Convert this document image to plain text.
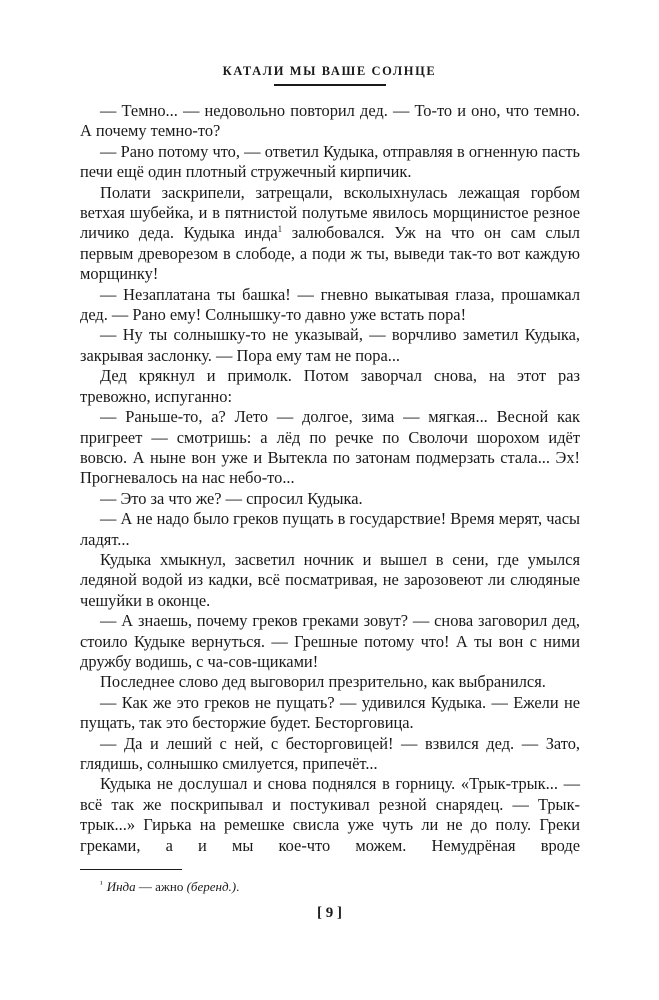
КАТАЛИ МЫ ВАШЕ СОЛНЦЕ

— Темно... — недовольно повторил дед. — То-то и оно, что темно. А почему темно-то?

— Рано потому что, — ответил Кудыка, отправляя в огненную пасть печи ещё один плотный стружечный кирпичик.

Полати заскрипели, затрещали, всколыхнулась лежащая горбом ветхая шубейка, и в пятнистой полутьме явилось морщинистое резное личико деда. Кудыка инда$^1$ залюбовался. Уж на что он сам слыл первым древорезом в слободе, а поди ж ты, выведи так-то вот каждую морщинку!

— Незаплатана ты башка! — гневно выкатывая глаза, прошамкал дед. — Рано ему! Солнышку-то давно уже встать пора!

— Ну ты солнышку-то не указывай, — ворчливо заметил Кудыка, закрывая заслонку. — Пора ему там не пора...

Дед крякнул и примолк. Потом заворчал снова, на этот раз тревожно, испуганно:

— Раньше-то, а? Лето — долгое, зима — мягкая... Весной как пригреет — смотришь: а лёд по речке по Сволочи шорохом идёт вовсю. А ныне вон уже и Вытекла по затонам подмерзать стала... Эх! Прогневалось на нас небо-то...

— Это за что же? — спросил Кудыка.

— А не надо было греков пущать в государствие! Время мерят, часы ладят...

Кудыка хмыкнул, засветил ночник и вышел в сени, где умылся ледяной водой из кадки, всё посматривая, не зарозовеют ли слюдяные чешуйки в оконце.

— А знаешь, почему греков греками зовут? — снова заговорил дед, стоило Кудыке вернуться. — Грешные потому что! А ты вон с ними дружбу водишь, с ча-сов-щиками!

Последнее слово дед выговорил презрительно, как выбранился.

— Как же это греков не пущать? — удивился Кудыка. — Ежели не пущать, так это бесторжие будет. Бесторговица.

— Да и леший с ней, с бесторговицей! — взвился дед. — Зато, глядишь, солнышко смилуется, припечёт...

Кудыка не дослушал и снова поднялся в горницу. «Трык-трык... — всё так же поскрипывал и постукивал резной снарядец. — Трык-трык...» Гирька на ремешке свисла уже чуть ли не до полу. Греки греками, а и мы кое-что можем. Немудрёная вроде

$^{^1}$ Инда — ажно (беренд.).
[ 9 ]
